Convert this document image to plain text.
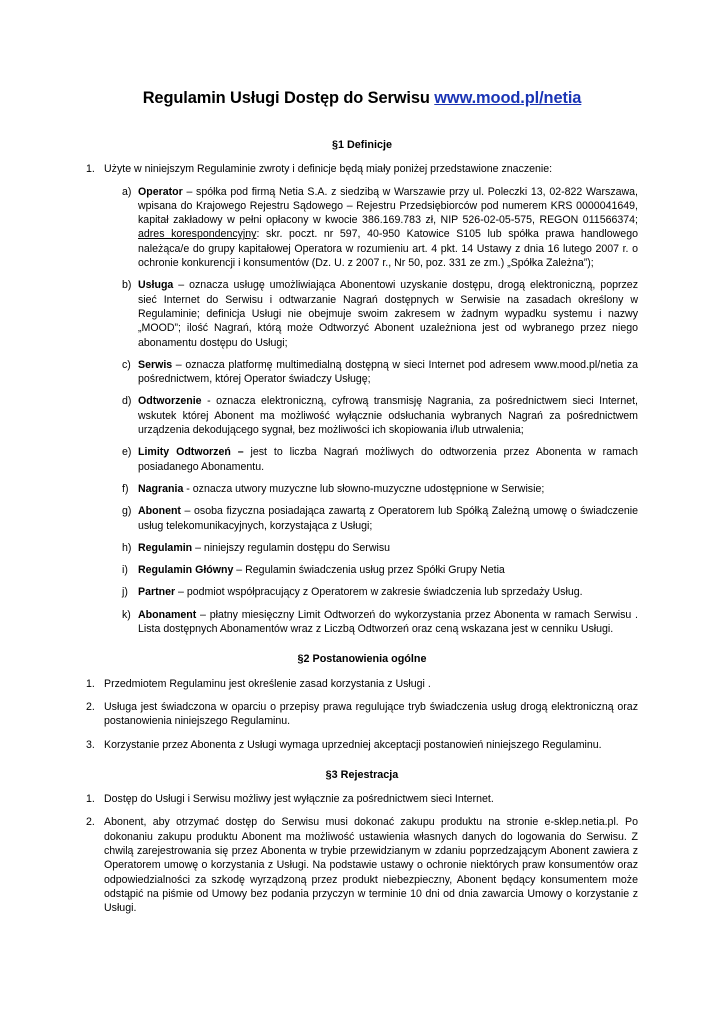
Regulamin Usługi Dostęp do Serwisu www.mood.pl/netia
§1 Definicje
1. Użyte w niniejszym Regulaminie zwroty i definicje będą miały poniżej przedstawione znaczenie:
a) Operator – spółka pod firmą Netia S.A. z siedzibą w Warszawie przy ul. Poleczki 13, 02-822 Warszawa, wpisana do Krajowego Rejestru Sądowego – Rejestru Przedsiębiorców pod numerem KRS 0000041649, kapitał zakładowy w pełni opłacony w kwocie 386.169.783 zł, NIP 526-02-05-575, REGON 011566374; adres korespondencyjny: skr. poczt. nr 597, 40-950 Katowice S105 lub spółka prawa handlowego należąca/e do grupy kapitałowej Operatora w rozumieniu art. 4 pkt. 14 Ustawy z dnia 16 lutego 2007 r. o ochronie konkurencji i konsumentów (Dz. U. z 2007 r., Nr 50, poz. 331 ze zm.) „Spółka Zależna”);
b) Usługa – oznacza usługę umożliwiająca Abonentowi uzyskanie dostępu, drogą elektroniczną, poprzez sieć Internet do Serwisu i odtwarzanie Nagrań dostępnych w Serwisie na zasadach określony w Regulaminie; definicja Usługi nie obejmuje swoim zakresem w żadnym wypadku systemu i nazwy „MOOD”; ilość Nagrań, którą może Odtworzyć Abonent uzależniona jest od wybranego przez niego abonamentu dostępu do Usługi;
c) Serwis – oznacza platformę multimedialną dostępną w sieci Internet pod adresem www.mood.pl/netia za pośrednictwem, której Operator świadczy Usługę;
d) Odtworzenie - oznacza elektroniczną, cyfrową transmisję Nagrania, za pośrednictwem sieci Internet, wskutek której Abonent ma możliwość wyłącznie odsłuchania wybranych Nagrań za pośrednictwem urządzenia dekodującego sygnał, bez możliwości ich skopiowania i/lub utrwalenia;
e) Limity Odtworzeń – jest to liczba Nagrań możliwych do odtworzenia przez Abonenta w ramach posiadanego Abonamentu.
f) Nagrania - oznacza utwory muzyczne lub słowno-muzyczne udostępnione w Serwisie;
g) Abonent – osoba fizyczna posiadająca zawartą z Operatorem lub Spółką Zależną umowę o świadczenie usług telekomunikacyjnych, korzystająca z Usługi;
h) Regulamin – niniejszy regulamin dostępu do Serwisu
i) Regulamin Główny – Regulamin świadczenia usług przez Spółki Grupy Netia
j) Partner – podmiot współpracujący z Operatorem w zakresie świadczenia lub sprzedaży Usług.
k) Abonament – płatny miesięczny Limit Odtworzeń do wykorzystania przez Abonenta w ramach Serwisu . Lista dostępnych Abonamentów wraz z Liczbą Odtworzeń oraz ceną wskazana jest w cenniku Usługi.
§2 Postanowienia ogólne
1. Przedmiotem Regulaminu jest określenie zasad korzystania z Usługi .
2. Usługa jest świadczona w oparciu o przepisy prawa regulujące tryb świadczenia usług drogą elektroniczną oraz postanowienia niniejszego Regulaminu.
3. Korzystanie przez Abonenta z Usługi wymaga uprzedniej akceptacji postanowień niniejszego Regulaminu.
§3 Rejestracja
1. Dostęp do Usługi i Serwisu możliwy jest wyłącznie za pośrednictwem sieci Internet.
2. Abonent, aby otrzymać dostęp do Serwisu musi dokonać zakupu produktu na stronie e-sklep.netia.pl. Po dokonaniu zakupu produktu Abonent ma możliwość ustawienia własnych danych do logowania do Serwisu. Z chwilą zarejestrowania się przez Abonenta w trybie przewidzianym w zdaniu poprzedzającym Abonent zawiera z Operatorem umowę o korzystania z Usługi. Na podstawie ustawy o ochronie niektórych praw konsumentów oraz odpowiedzialności za szkodę wyrządzoną przez produkt niebezpieczny, Abonent będący konsumentem może odstąpić na piśmie od Umowy bez podania przyczyn w terminie 10 dni od dnia zawarcia Umowy o korzystanie z Usługi.
